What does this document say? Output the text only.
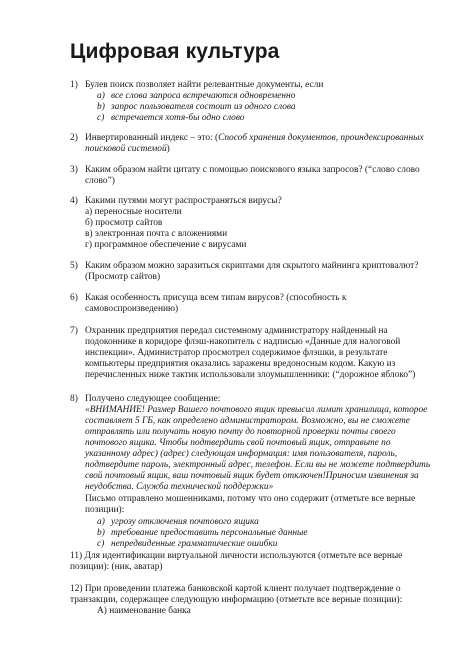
Цифровая культура
1) Булев поиск позволяет найти релевантные документы, если
a) все слова запроса встречаются одновременно
b) запрос пользователя состоит из одного слова
c) встречается хотя-бы одно слово
2) Инвертированный индекс – это: (Способ хранения документов, проиндексированных
поисковой системой)
3) Каким образом найти цитату с помощью поискового языка запросов? (“слово слово
слово”)
4) Какими путями могут распространяться вирусы?
а) переносные носители
б) просмотр сайтов
в) электронная почта с вложениями
г) программное обеспечение с вирусами
5) Каким образом можно заразиться скриптами для скрытого майнинга криптовалют?
(Просмотр сайтов)
6) Какая особенность присуща всем типам вирусов? (способность к
самовоспроизведению)
7) Охранник предприятия передал системному администратору найденный на
подоконнике в коридоре флэш-накопитель с надписью «Данные для налоговой
инспекции». Администратор просмотрел содержимое флэшки, в результате
компьютеры предприятия оказались заражены вредоносным кодом. Какую из
перечисленных ниже тактик использовали злоумышленники: (“дорожное яблоко”)
8) Получено следующее сообщение:
«ВНИМАНИЕ! Размер Вашего почтового ящик превысил лимит хранилища, которое
составляет 5 ГБ, как определено администратором. Возможно, вы не сможете
отправлять или получать новую почту до повторной проверки почты своего
почтового ящика. Чтобы подтвердить свой почтовый ящик, отправьте по
указанному адрес) (адрес) следующая информация: имя пользователя, пароль,
подтвердите пароль, электронный адрес, телефон. Если вы не можете подтвердить
свой почтовый ящик, ваш почтовый ящик будет отключен!Приносим извинения за
неудобства. Служба технической поддержки»
Письмо отправлено мошенниками, потому что оно содержит (отметьте все верные
позиции):
a) угрозу отключения почтового ящика
b) требование предоставить персональные данные
c) непредвиденные грамматические ошибки
11) Для идентификации виртуальной личности используются (отметьте все верные
позиции): (ник, аватар)
12) При проведении платежа банковской картой клиент получает подтверждение о
транзакции, содержащее следующую информацию (отметьте все верные позиции):
А) наименование банка
